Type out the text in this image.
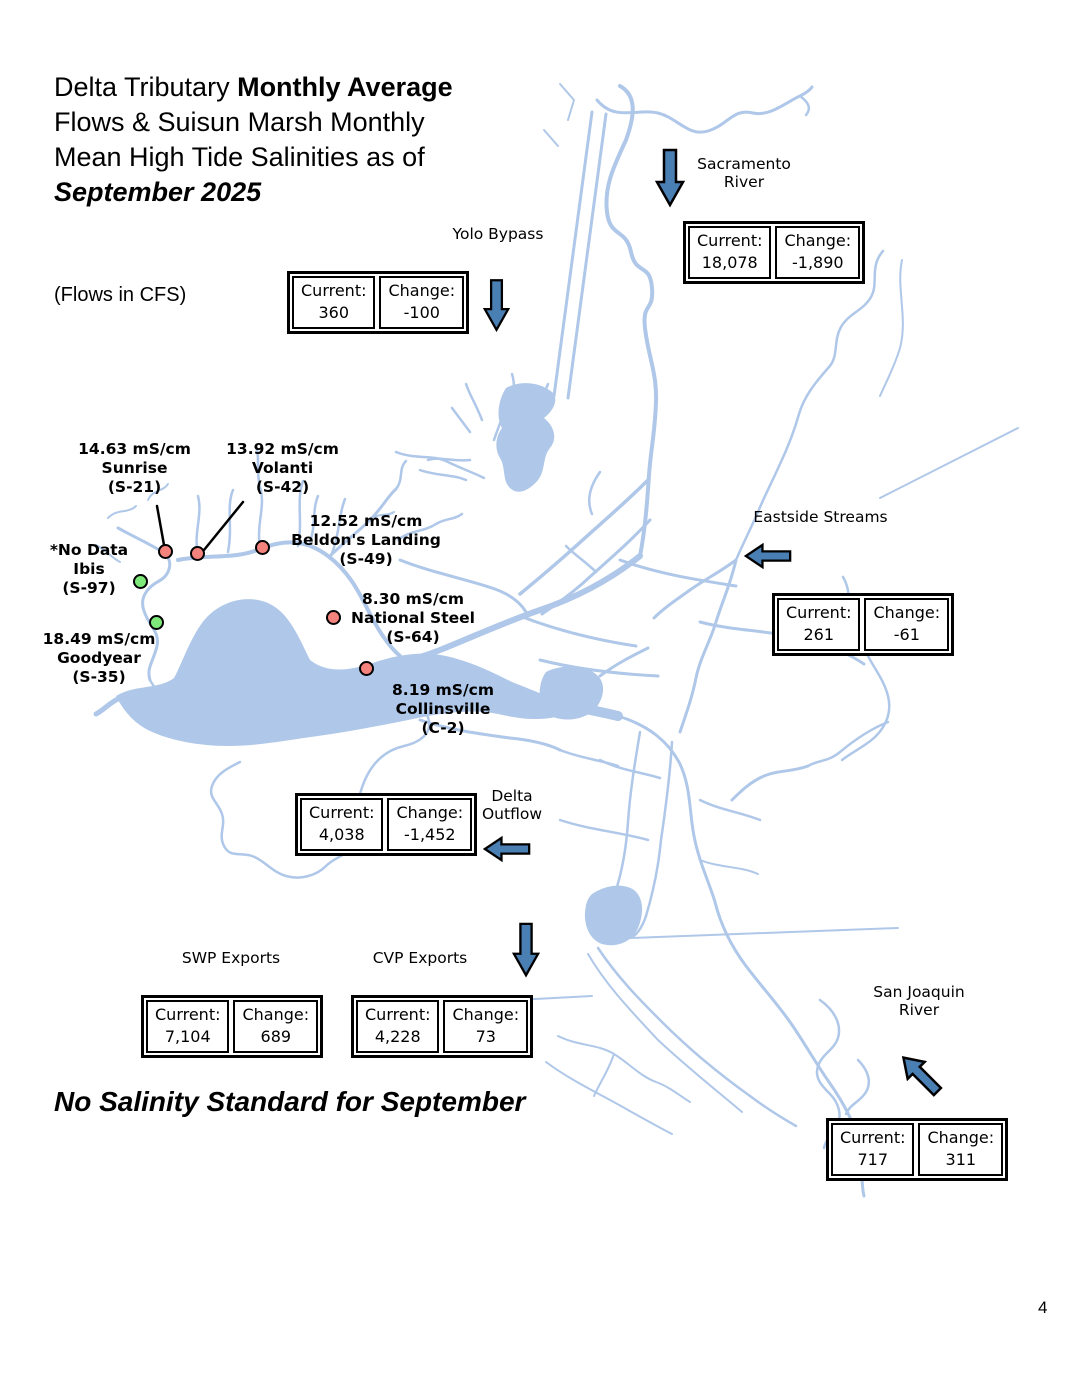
Delta Tributary Monthly Average
Flows & Suisun Marsh Monthly
Mean High Tide Salinities as of
September 2025
(Flows in CFS)
Yolo Bypass
Current:
360
Change:
-100
Sacramento River
Current:
18,078
Change:
-1,890
Eastside Streams
Current:
261
Change:
-61
Current:
4,038
Change:
-1,452
Delta Outflow
SWP Exports
Current:
7,104
Change:
689
CVP Exports
Current:
4,228
Change:
73
San Joaquin River
Current:
717
Change:
311
14.63 mS/cm
Sunrise
(S-21)
13.92 mS/cm
Volanti
(S-42)
12.52 mS/cm
Beldon's Landing
(S-49)
*No Data
Ibis
(S-97)
18.49 mS/cm
Goodyear
(S-35)
8.30 mS/cm
National Steel
(S-64)
8.19 mS/cm
Collinsville
(C-2)
No Salinity Standard for September
4
